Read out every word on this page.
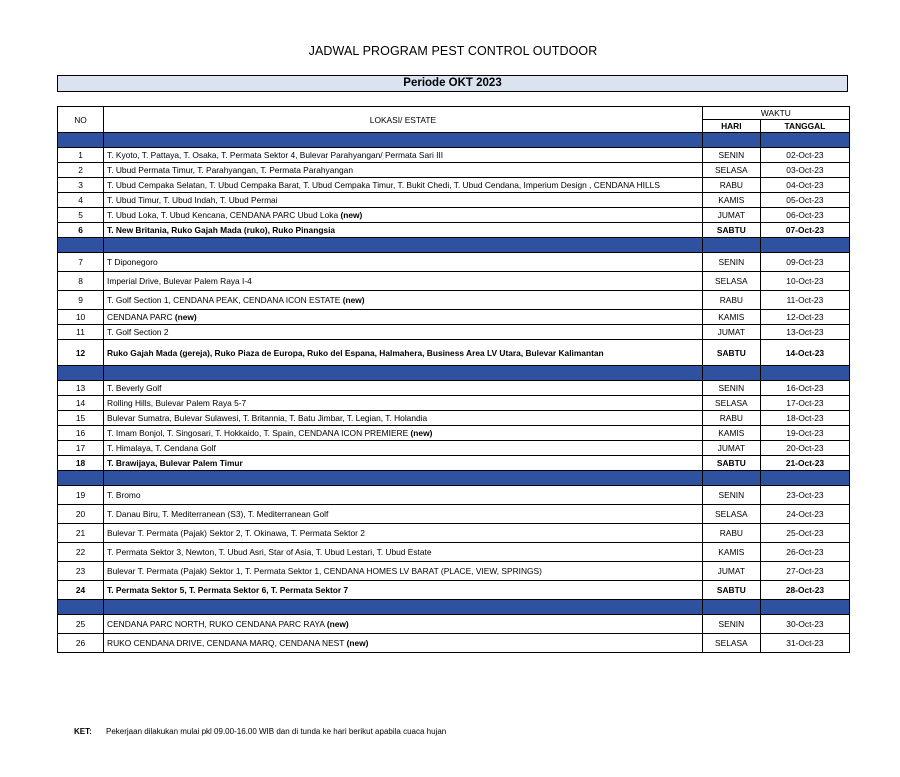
JADWAL PROGRAM PEST CONTROL OUTDOOR
Periode OKT 2023
NO	LOKASI/ ESTATE	WAKTU	
		HARI	TANGGAL

1	T. Kyoto, T. Pattaya, T. Osaka, T. Permata Sektor 4, Bulevar Parahyangan/ Permata Sari III	SENIN	02-Oct-23
2	T. Ubud Permata Timur, T. Parahyangan, T. Permata Parahyangan	SELASA	03-Oct-23
3	T. Ubud Cempaka Selatan, T. Ubud Cempaka Barat, T. Ubud Cempaka Timur, T. Bukit Chedi, T. Ubud Cendana, Imperium Design , CENDANA HILLS	RABU	04-Oct-23
4	T. Ubud Timur, T. Ubud Indah, T. Ubud Permai	KAMIS	05-Oct-23
5	T. Ubud Loka, T. Ubud Kencana, CENDANA PARC Ubud Loka (new)	JUMAT	06-Oct-23
6	T. New Britania, Ruko Gajah Mada (ruko), Ruko Pinangsia	SABTU	07-Oct-23

7	T Diponegoro	SENIN	09-Oct-23
8	Imperial Drive, Bulevar Palem Raya I-4	SELASA	10-Oct-23
9	T. Golf Section 1, CENDANA PEAK, CENDANA ICON ESTATE (new)	RABU	11-Oct-23
10	CENDANA PARC (new)	KAMIS	12-Oct-23
11	T. Golf Section 2	JUMAT	13-Oct-23
12	Ruko Gajah Mada (gereja), Ruko Piaza de Europa, Ruko del Espana, Halmahera, Business Area LV Utara, Bulevar Kalimantan	SABTU	14-Oct-23

13	T. Beverly Golf	SENIN	16-Oct-23
14	Rolling Hills, Bulevar Palem Raya 5-7	SELASA	17-Oct-23
15	Bulevar Sumatra, Bulevar Sulawesi, T. Britannia, T. Batu Jimbar, T. Legian, T. Holandia	RABU	18-Oct-23
16	T. Imam Bonjol, T. Singosari, T. Hokkaido, T. Spain, CENDANA ICON PREMIERE (new)	KAMIS	19-Oct-23
17	T. Himalaya, T. Cendana Golf	JUMAT	20-Oct-23
18	T. Brawijaya, Bulevar Palem Timur	SABTU	21-Oct-23

19	T. Bromo	SENIN	23-Oct-23
20	T. Danau Biru, T. Mediterranean (S3), T. Mediterranean Golf	SELASA	24-Oct-23
21	Bulevar T. Permata (Pajak) Sektor 2, T. Okinawa, T. Permata Sektor 2	RABU	25-Oct-23
22	T. Permata Sektor 3, Newton, T. Ubud Asri, Star of Asia, T. Ubud Lestari, T. Ubud Estate	KAMIS	26-Oct-23
23	Bulevar T. Permata (Pajak) Sektor 1, T. Permata Sektor 1, CENDANA HOMES LV BARAT (PLACE, VIEW, SPRINGS)	JUMAT	27-Oct-23
24	T. Permata Sektor 5, T. Permata Sektor 6, T. Permata Sektor 7	SABTU	28-Oct-23

25	CENDANA PARC NORTH, RUKO CENDANA PARC RAYA (new)	SENIN	30-Oct-23
26	RUKO CENDANA DRIVE, CENDANA MARQ, CENDANA NEST (new)	SELASA	31-Oct-23
KET: Pekerjaan dilakukan mulai pkl 09.00-16.00 WIB dan di tunda ke hari berikut apabila cuaca hujan
